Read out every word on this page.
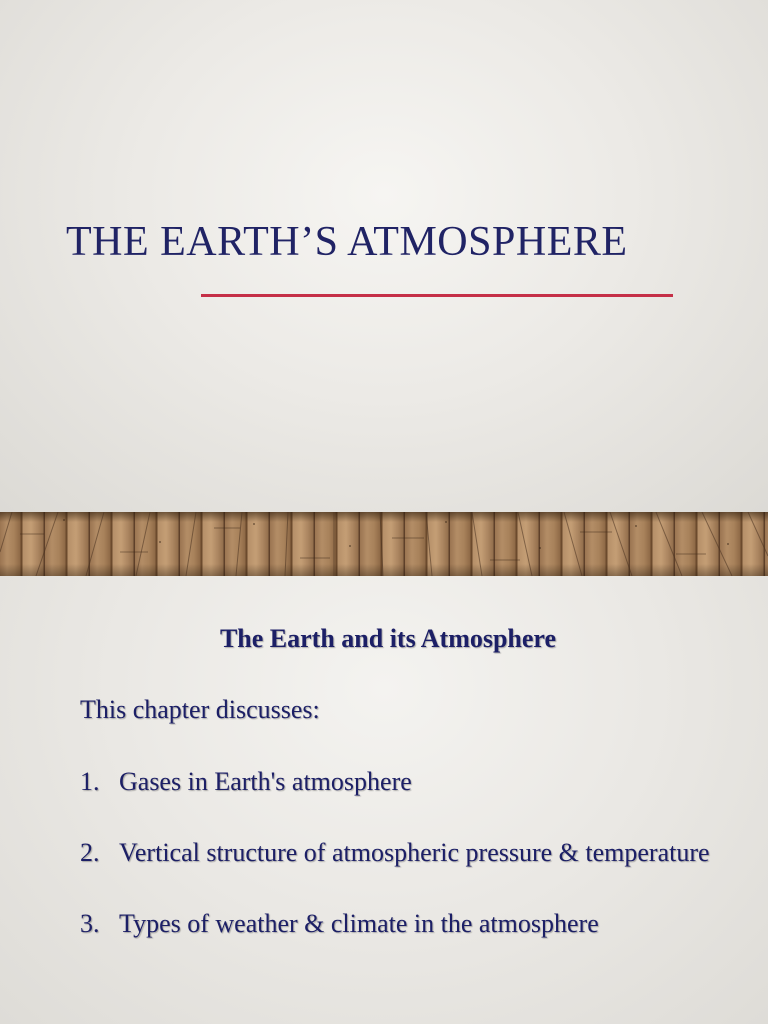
THE EARTH’S ATMOSPHERE
The Earth and its Atmosphere

This chapter discusses:

1. Gases in Earth's atmosphere
2. Vertical structure of atmospheric pressure & temperature
3. Types of weather & climate in the atmosphere
